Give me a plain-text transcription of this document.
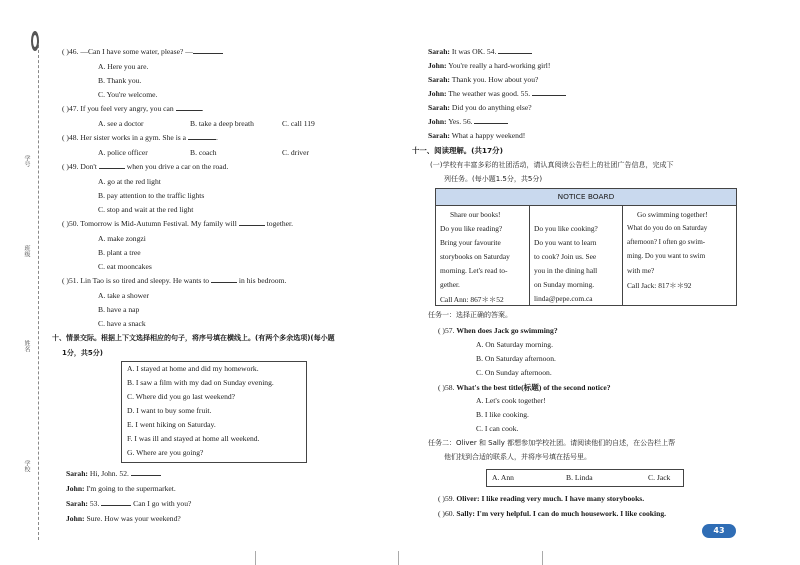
学号
班级
姓名
学校
( )46. —Can I have some water, please? —
A. Here you are.
B. Thank you.
C. You're welcome.
( )47. If you feel very angry, you can	.
A. see a doctor	B. take a deep breath	C. call 119
( )48. Her sister works in a gym. She is a	.
A. police officer	B. coach	C. driver
( )49. Don't	when you drive a car on the road.
A. go at the red light
B. pay attention to the traffic lights
C. stop and wait at the red light
( )50. Tomorrow is Mid-Autumn Festival. My family will	together.
A. make zongzi
B. plant a tree
C. eat mooncakes
( )51. Lin Tao is so tired and sleepy. He wants to	in his bedroom.
A. take a shower
B. have a nap
C. have a snack
十、情景交际。根据上下文选择相应的句子，将序号填在横线上。(有两个多余选项)(每小题
1分，共5分)
A. I stayed at home and did my homework.
B. I saw a film with my dad on Sunday evening.
C. Where did you go last weekend?
D. I want to buy some fruit.
E. I went hiking on Saturday.
F. I was ill and stayed at home all weekend.
G. Where are you going?
Sarah: Hi, John. 52.
John: I'm going to the supermarket.
Sarah: 53.	Can I go with you?
John: Sure. How was your weekend?
Sarah: It was OK. 54.
John: You're really a hard-working girl!
Sarah: Thank you. How about you?
John: The weather was good. 55.
Sarah: Did you do anything else?
John: Yes. 56.
Sarah: What a happy weekend!
十一、阅读理解。(共17分)
(一)学校有丰富多彩的社团活动，请认真阅读公告栏上的社团广告信息，完成下
列任务。(每小题1.5分，共5分)
NOTICE BOARD
Share our books!
Do you like reading?
Bring your favourite
storybooks on Saturday
morning. Let's read to-
gether.
Call Ann: 867＊＊52
Do you like cooking?
Do you want to learn
to cook? Join us. See
you in the dining hall
on Sunday morning.
linda@pepe.com.ca
Go swimming together!
What do you do on Saturday
afternoon? I often go swim-
ming. Do you want to swim
with me?
Call Jack: 817＊＊92
任务一：选择正确的答案。
( )57. When does Jack go swimming?
A. On Saturday morning.
B. On Saturday afternoon.
C. On Sunday afternoon.
( )58. What's the best title(标题) of the second notice?
A. Let's cook together!
B. I like cooking.
C. I can cook.
任务二：Oliver 和 Sally 都想参加学校社团。请阅读他们的自述，在公告栏上帮
他们找到合适的联系人，并将序号填在括号里。
A. Ann	B. Linda	C. Jack
( )59. Oliver: I like reading very much. I have many storybooks.
( )60. Sally: I'm very helpful. I can do much housework. I like cooking.
43
